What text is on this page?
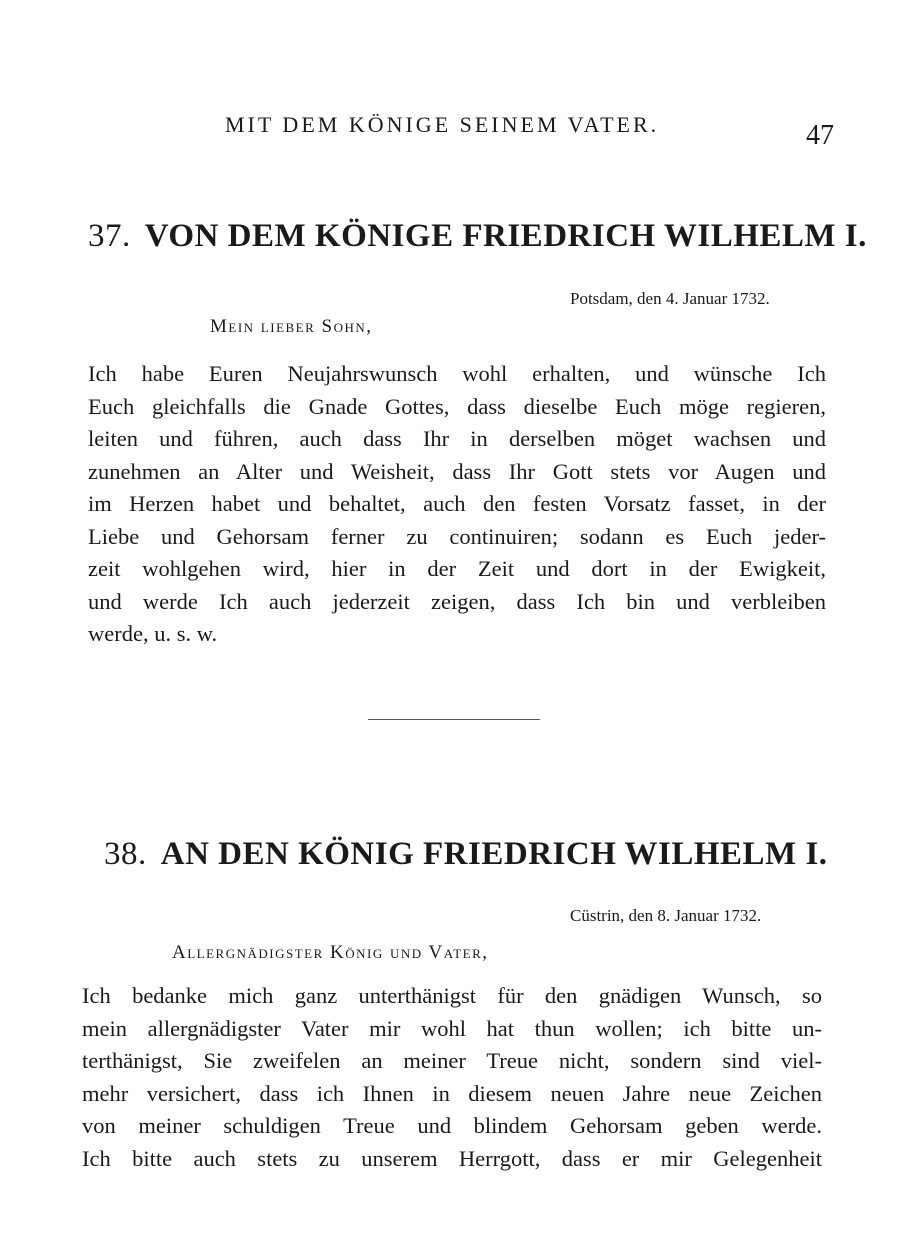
MIT DEM KÖNIGE SEINEM VATER.	47
37. VON DEM KÖNIGE FRIEDRICH WILHELM I.
Potsdam, den 4. Januar 1732.
Mein lieber Sohn,
Ich habe Euren Neujahrswunsch wohl erhalten, und wünsche Ich
Euch gleichfalls die Gnade Gottes, dass dieselbe Euch möge regieren,
leiten und führen, auch dass Ihr in derselben möget wachsen und
zunehmen an Alter und Weisheit, dass Ihr Gott stets vor Augen und
im Herzen habet und behaltet, auch den festen Vorsatz fasset, in der
Liebe und Gehorsam ferner zu continuiren; sodann es Euch jeder-
zeit wohlgehen wird, hier in der Zeit und dort in der Ewigkeit,
und werde Ich auch jederzeit zeigen, dass Ich bin und verbleiben
werde, u. s. w.
38. AN DEN KÖNIG FRIEDRICH WILHELM I.
Cüstrin, den 8. Januar 1732.
Allergnädigster König und Vater,
Ich bedanke mich ganz unterthänigst für den gnädigen Wunsch, so
mein allergnädigster Vater mir wohl hat thun wollen; ich bitte un-
terthänigst, Sie zweifelen an meiner Treue nicht, sondern sind viel-
mehr versichert, dass ich Ihnen in diesem neuen Jahre neue Zeichen
von meiner schuldigen Treue und blindem Gehorsam geben werde.
Ich bitte auch stets zu unserem Herrgott, dass er mir Gelegenheit
